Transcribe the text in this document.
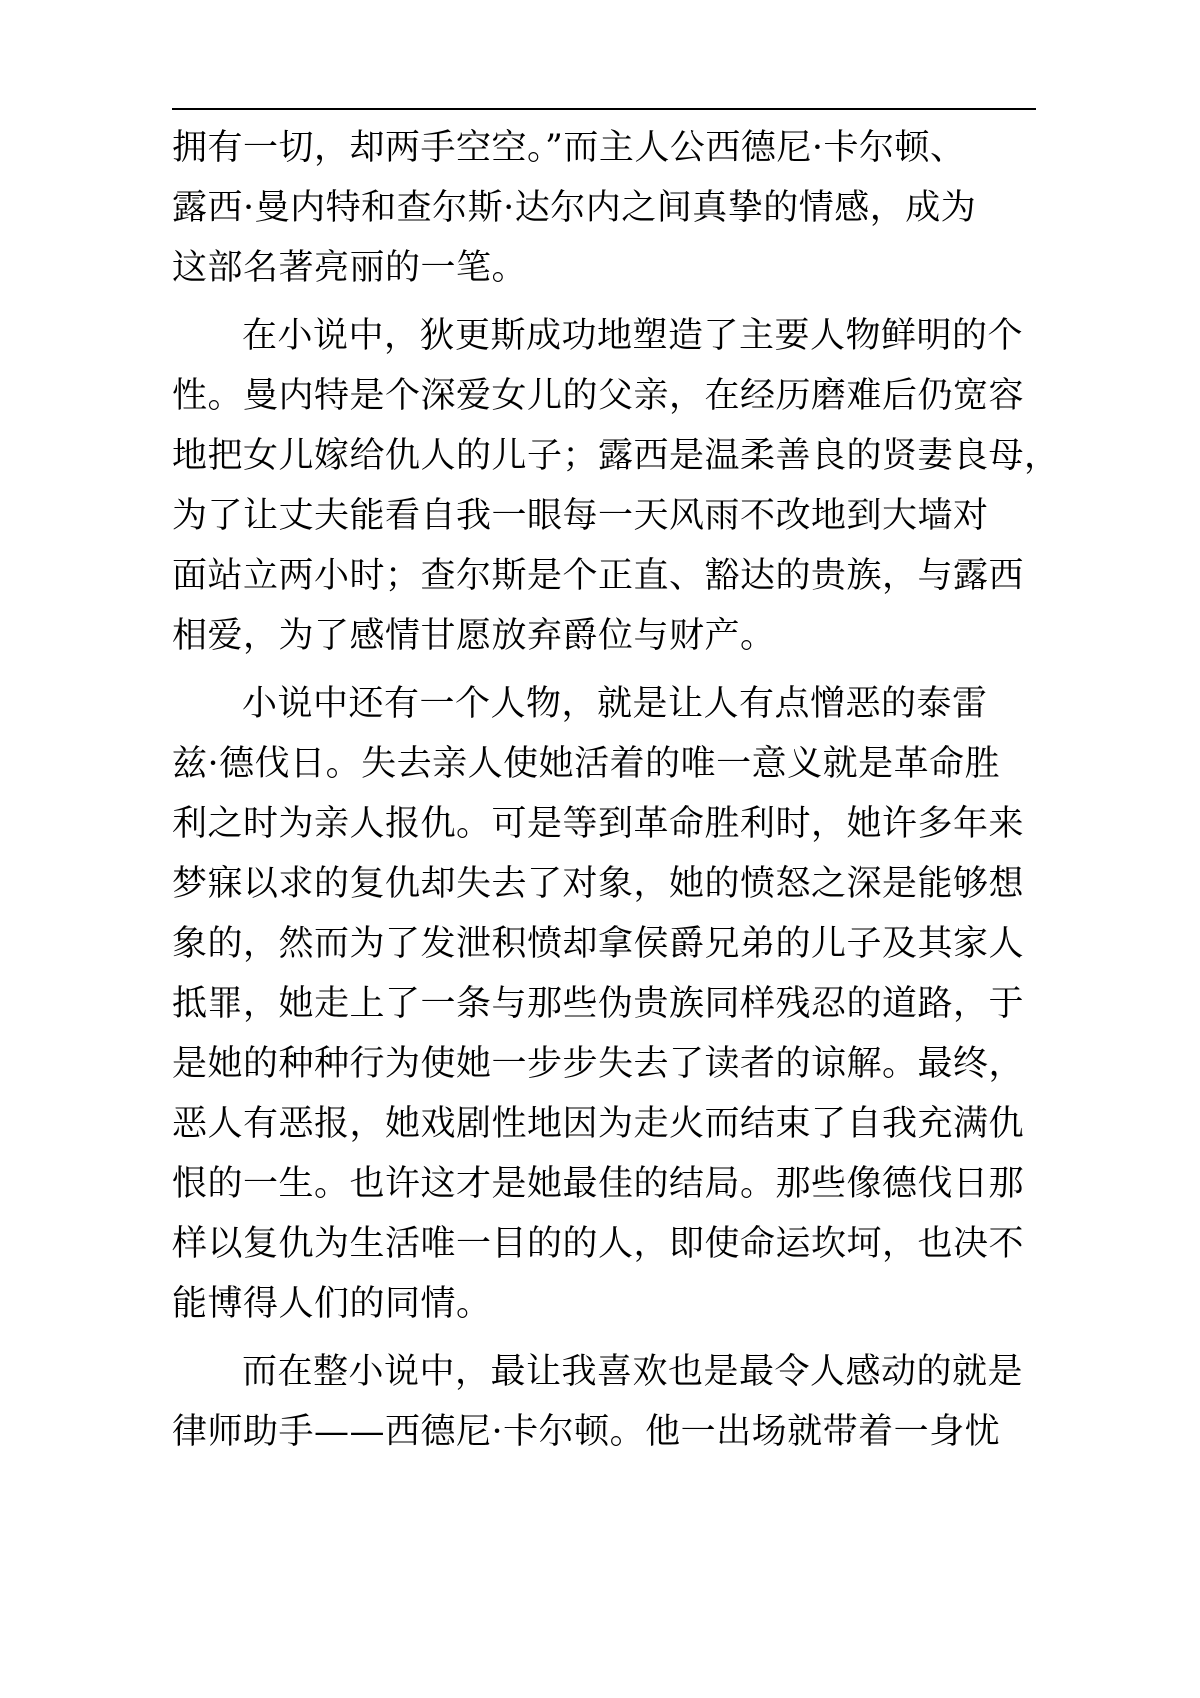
拥有一切，却两手空空。”而主人公西德尼·卡尔顿、
露西·曼内特和查尔斯·达尔内之间真挚的情感，成为
这部名著亮丽的一笔。
在小说中，狄更斯成功地塑造了主要人物鲜明的个
性。曼内特是个深爱女儿的父亲，在经历磨难后仍宽容
地把女儿嫁给仇人的儿子；露西是温柔善良的贤妻良母，
为了让丈夫能看自我一眼每一天风雨不改地到大墙对
面站立两小时；查尔斯是个正直、豁达的贵族，与露西
相爱，为了感情甘愿放弃爵位与财产。
小说中还有一个人物，就是让人有点憎恶的泰雷
兹·德伐日。失去亲人使她活着的唯一意义就是革命胜
利之时为亲人报仇。可是等到革命胜利时，她许多年来
梦寐以求的复仇却失去了对象，她的愤怒之深是能够想
象的，然而为了发泄积愤却拿侯爵兄弟的儿子及其家人
抵罪，她走上了一条与那些伪贵族同样残忍的道路，于
是她的种种行为使她一步步失去了读者的谅解。最终，
恶人有恶报，她戏剧性地因为走火而结束了自我充满仇
恨的一生。也许这才是她最佳的结局。那些像德伐日那
样以复仇为生活唯一目的的人，即使命运坎坷，也决不
能博得人们的同情。
而在整小说中，最让我喜欢也是最令人感动的就是
律师助手——西德尼·卡尔顿。他一出场就带着一身忧
